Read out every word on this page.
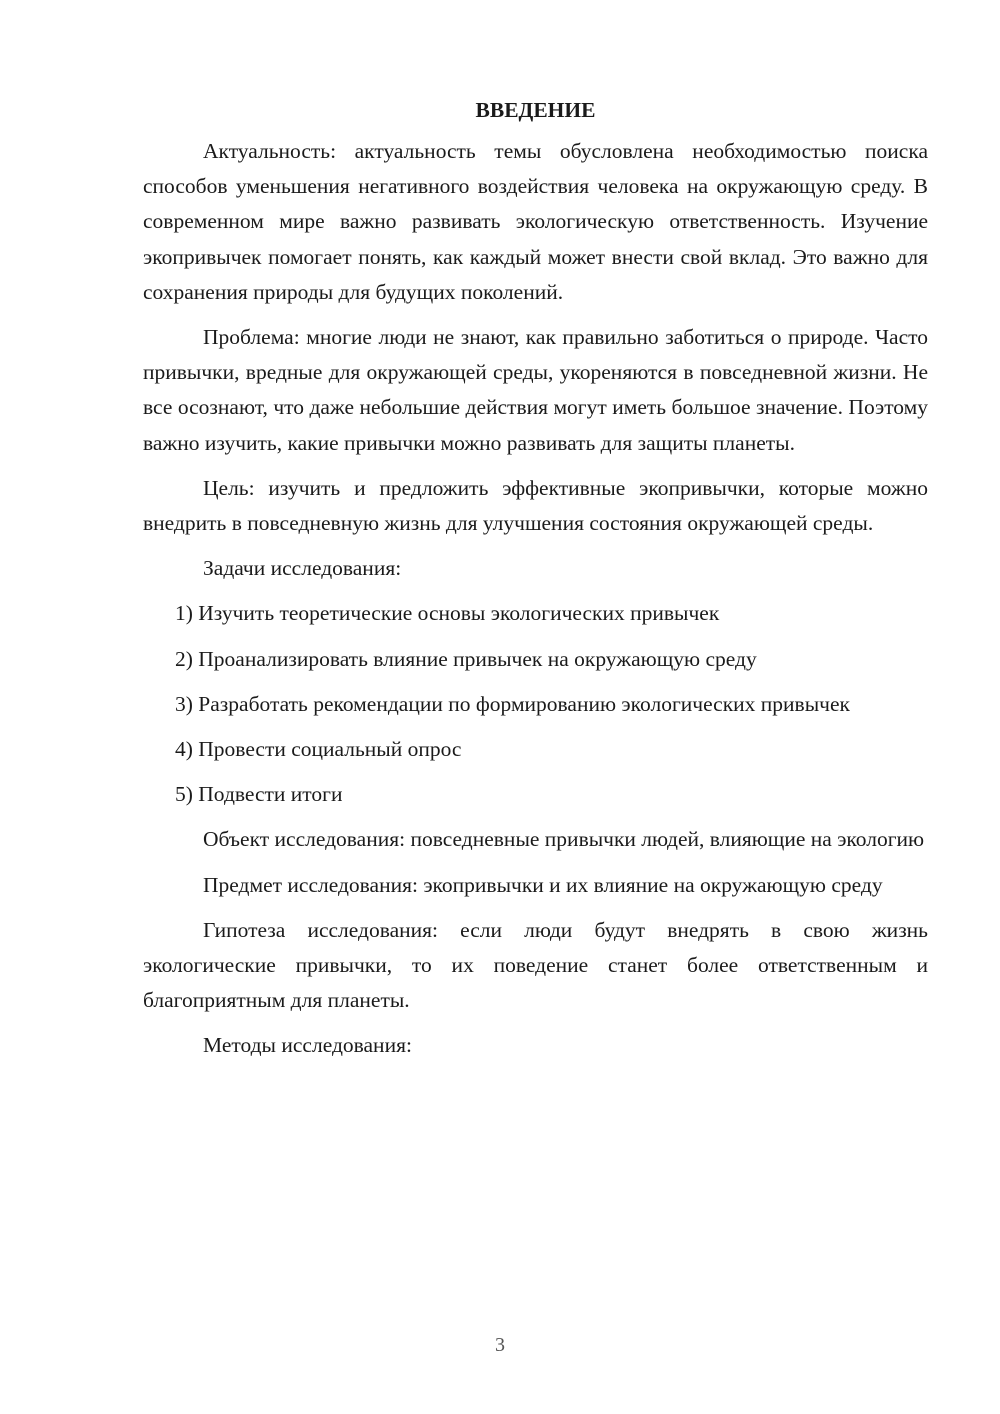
ВВЕДЕНИЕ

Актуальность: актуальность темы обусловлена необходимостью поиска способов уменьшения негативного воздействия человека на окружающую среду. В современном мире важно развивать экологическую ответственность. Изучение экопривычек помогает понять, как каждый может внести свой вклад. Это важно для сохранения природы для будущих поколений.

Проблема: многие люди не знают, как правильно заботиться о природе. Часто привычки, вредные для окружающей среды, укореняются в повседневной жизни. Не все осознают, что даже небольшие действия могут иметь большое значение. Поэтому важно изучить, какие привычки можно развивать для защиты планеты.

Цель: изучить и предложить эффективные экопривычки, которые можно внедрить в повседневную жизнь для улучшения состояния окружающей среды.

Задачи исследования:

1) Изучить теоретические основы экологических привычек

2) Проанализировать влияние привычек на окружающую среду

3) Разработать рекомендации по формированию экологических привычек

4) Провести социальный опрос

5) Подвести итоги

Объект исследования: повседневные привычки людей, влияющие на экологию

Предмет исследования: экопривычки и их влияние на окружающую среду

Гипотеза исследования: если люди будут внедрять в свою жизнь экологические привычки, то их поведение станет более ответственным и благоприятным для планеты.

Методы исследования:

3
